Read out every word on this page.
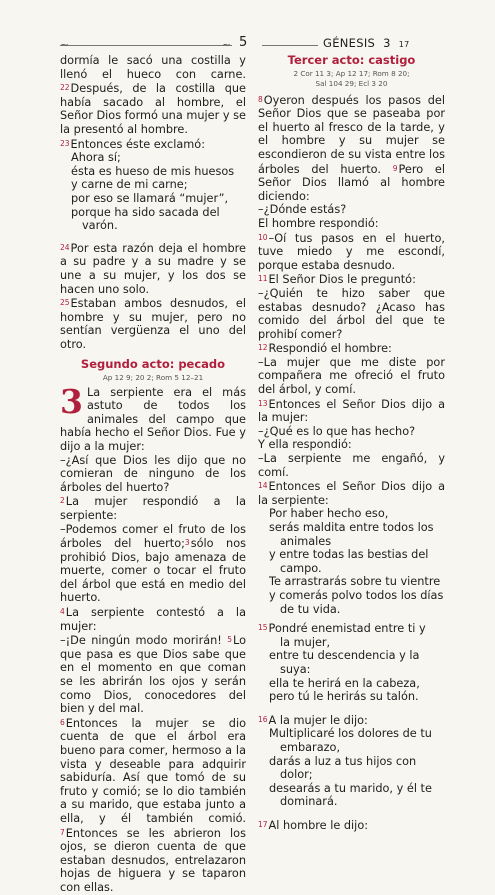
~	~ 5	GÉNESIS 3 17

dormía le sacó una costilla y llenó el hueco con carne. 22Después, de la costilla que había sacado al hombre, el Señor Dios formó una mujer y se la presentó al hombre.

23Entonces éste exclamó:

Ahora sí;
ésta es hueso de mis huesos
y carne de mi carne;
por eso se llamará “mujer”,
porque ha sido sacada del
varón.

24Por esta razón deja el hombre a su padre y a su madre y se une a su mujer, y los dos se hacen uno solo.

25Estaban ambos desnudos, el hombre y su mujer, pero no sentían vergüenza el uno del otro.

Segundo acto: pecado

Ap 12 9; 20 2; Rom 5 12–21

3 La serpiente era el más astuto de todos los animales del campo que había hecho el Señor Dios. Fue y dijo a la mujer:

–¿Así que Dios les dijo que no comieran de ninguno de los árboles del huerto?

2La mujer respondió a la serpiente:

–Podemos comer el fruto de los árboles del huerto;3sólo nos prohibió Dios, bajo amenaza de muerte, comer o tocar el fruto del árbol que está en medio del huerto.

4La serpiente contestó a la mujer:

–¡De ningún modo morirán! 5Lo que pasa es que Dios sabe que en el momento en que coman se les abrirán los ojos y serán como Dios, conocedores del bien y del mal.

6Entonces la mujer se dio cuenta de que el árbol era bueno para comer, hermoso a la vista y deseable para adquirir sabiduría. Así que tomó de su fruto y comió; se lo dio también a su marido, que estaba junto a ella, y él también comió. 7Entonces se les abrieron los ojos, se dieron cuenta de que estaban desnudos, entrelazaron hojas de higuera y se taparon con ellas.

Tercer acto: castigo

2 Cor 11 3; Ap 12 17; Rom 8 20;

Sal 104 29; Ecl 3 20

8Oyeron después los pasos del Señor Dios que se paseaba por el huerto al fresco de la tarde, y el hombre y su mujer se escondieron de su vista entre los árboles del huerto. 9Pero el Señor Dios llamó al hombre diciendo:

–¿Dónde estás?

El hombre respondió:

10–Oí tus pasos en el huerto, tuve miedo y me escondí, porque estaba desnudo.

11El Señor Dios le preguntó:

–¿Quién te hizo saber que estabas desnudo? ¿Acaso has comido del árbol del que te prohibí comer?

12Respondió el hombre:

–La mujer que me diste por compañera me ofreció el fruto del árbol, y comí.

13Entonces el Señor Dios dijo a la mujer:

–¿Qué es lo que has hecho?

Y ella respondió:

–La serpiente me engañó, y comí.

14Entonces el Señor Dios dijo a la serpiente:

Por haber hecho eso,
serás maldita entre todos los
animales
y entre todas las bestias del
campo.
Te arrastrarás sobre tu vientre
y comerás polvo todos los días
de tu vida.

15Pondré enemistad entre ti y

la mujer,
entre tu descendencia y la
suya:
ella te herirá en la cabeza,
pero tú le herirás su talón.

16A la mujer le dijo:

Multiplicaré los dolores de tu
embarazo,
darás a luz a tus hijos con
dolor;
desearás a tu marido, y él te
dominará.

17Al hombre le dijo:
